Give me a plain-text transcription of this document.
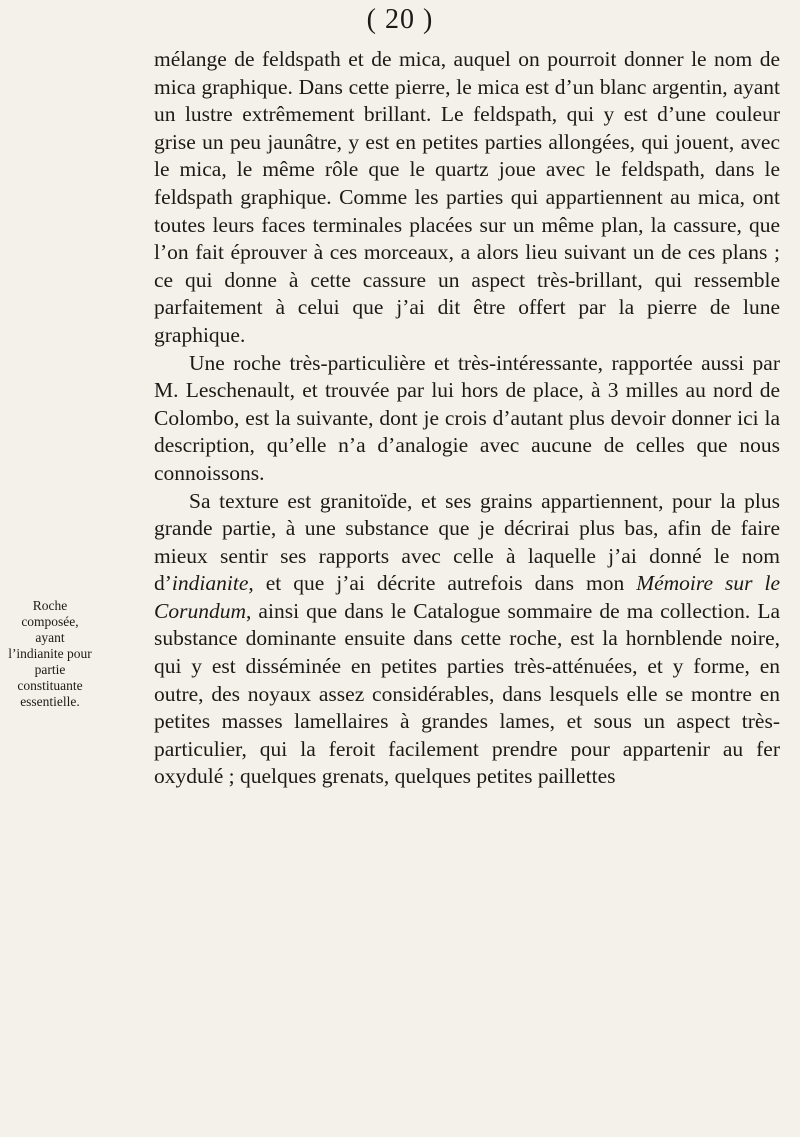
( 20 )
Roche composée, ayant l’indianite pour partie constituante essentielle.

mélange de feldspath et de mica, auquel on pourroit donner le nom de mica graphique. Dans cette pierre, le mica est d’un blanc argentin, ayant un lustre extrêmement brillant. Le feldspath, qui y est d’une couleur grise un peu jaunâtre, y est en petites parties allongées, qui jouent, avec le mica, le même rôle que le quartz joue avec le feldspath, dans le feldspath graphique. Comme les parties qui appartiennent au mica, ont toutes leurs faces terminales placées sur un même plan, la cassure, que l’on fait éprouver à ces morceaux, a alors lieu suivant un de ces plans ; ce qui donne à cette cassure un aspect très-brillant, qui ressemble parfaitement à celui que j’ai dit être offert par la pierre de lune graphique.

Une roche très-particulière et très-intéressante, rapportée aussi par M. Leschenault, et trouvée par lui hors de place, à 3 milles au nord de Colombo, est la suivante, dont je crois d’autant plus devoir donner ici la description, qu’elle n’a d’analogie avec aucune de celles que nous connoissons.

Sa texture est granitoïde, et ses grains appartiennent, pour la plus grande partie, à une substance que je décrirai plus bas, afin de faire mieux sentir ses rapports avec celle à laquelle j’ai donné le nom d’indianite, et que j’ai décrite autrefois dans mon Mémoire sur le Corundum, ainsi que dans le Catalogue sommaire de ma collection. La substance dominante ensuite dans cette roche, est la hornblende noire, qui y est disséminée en petites parties très-atténuées, et y forme, en outre, des noyaux assez considérables, dans lesquels elle se montre en petites masses lamellaires à grandes lames, et sous un aspect très-particulier, qui la feroit facilement prendre pour appartenir au fer oxydulé ; quelques grenats, quelques petites paillettes
